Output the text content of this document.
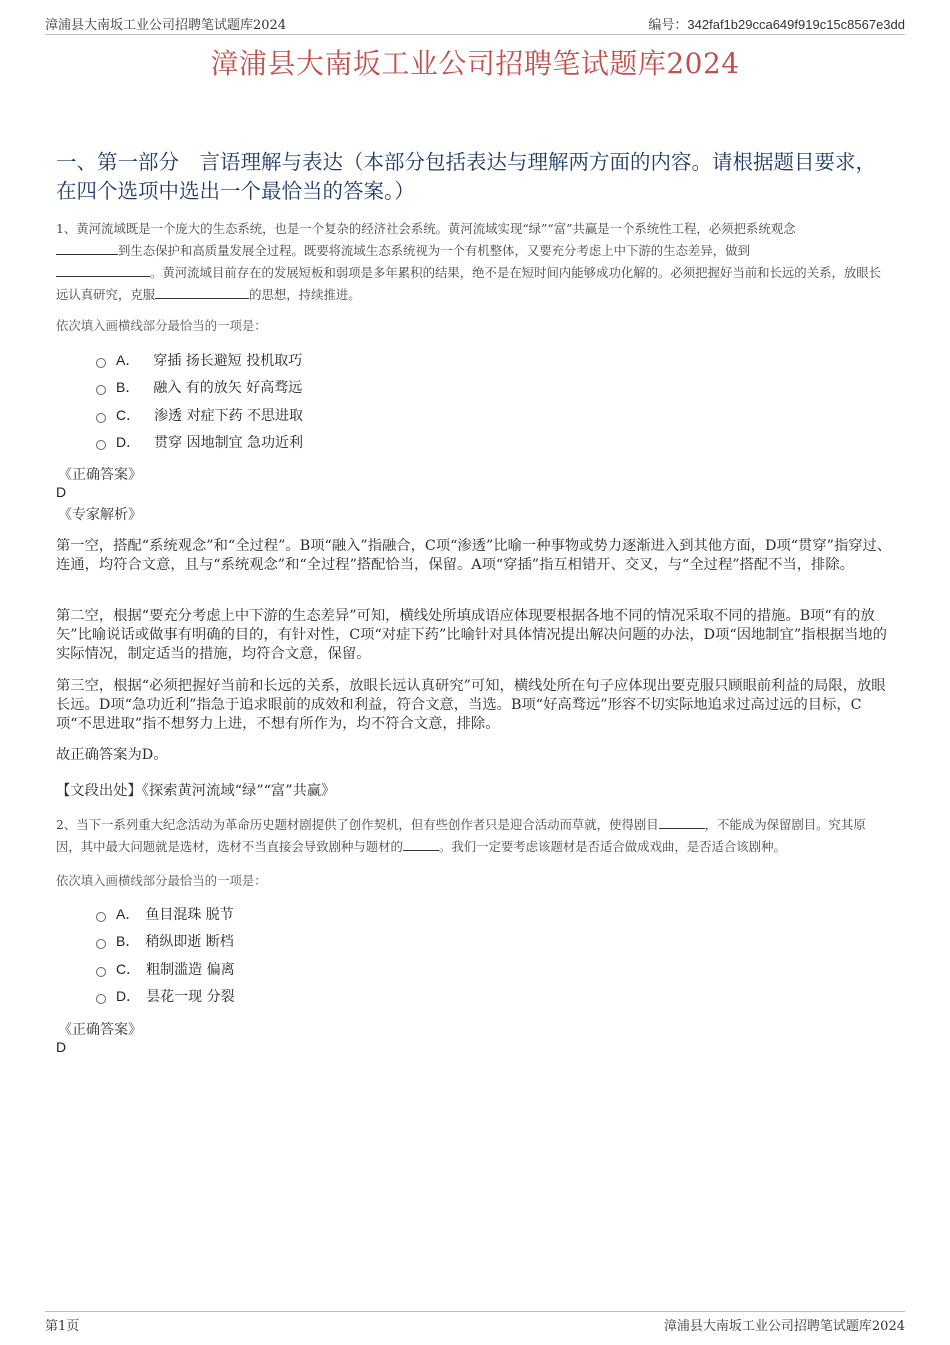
漳浦县大南坂工业公司招聘笔试题库2024	编号：342faf1b29cca649f919c15c8567e3dd
漳浦县大南坂工业公司招聘笔试题库2024
一、第一部分　言语理解与表达（本部分包括表达与理解两方面的内容。请根据题目要求，在四个选项中选出一个最恰当的答案。）
1、黄河流域既是一个庞大的生态系统，也是一个复杂的经济社会系统。黄河流域实现“绿”“富”共赢是一个系统性工程，必须把系统观念
到生态保护和高质量发展全过程。既要将流域生态系统视为一个有机整体，又要充分考虑上中下游的生态差异，做到
。黄河流域目前存在的发展短板和弱项是多年累积的结果，绝不是在短时间内能够成功化解的。必须把握好当前和长远的关系，放眼长远认真研究，克服	的思想，持续推进。
依次填入画横线部分最恰当的一项是：
A． 穿插 扬长避短 投机取巧
B． 融入 有的放矢 好高骛远
C． 渗透 对症下药 不思进取
D． 贯穿 因地制宜 急功近利
《正确答案》
D
《专家解析》
第一空，搭配“系统观念”和“全过程”。B项“融入”指融合，C项“渗透”比喻一种事物或势力逐渐进入到其他方面，D项“贯穿”指穿过、连通，均符合文意，且与“系统观念”和“全过程”搭配恰当，保留。A项“穿插”指互相错开、交叉，与“全过程”搭配不当，排除。
第二空，根据“要充分考虑上中下游的生态差异”可知，横线处所填成语应体现要根据各地不同的情况采取不同的措施。B项“有的放矢”比喻说话或做事有明确的目的，有针对性，C项“对症下药”比喻针对具体情况提出解决问题的办法，D项“因地制宜”指根据当地的实际情况，制定适当的措施，均符合文意，保留。
第三空，根据“必须把握好当前和长远的关系，放眼长远认真研究”可知，横线处所在句子应体现出要克服只顾眼前利益的局限，放眼长远。D项“急功近利”指急于追求眼前的成效和利益，符合文意，当选。B项“好高骛远”形容不切实际地追求过高过远的目标，C项“不思进取”指不想努力上进，不想有所作为，均不符合文意，排除。
故正确答案为D。
【文段出处】《探索黄河流域“绿”“富”共赢》
2、当下一系列重大纪念活动为革命历史题材剧提供了创作契机，但有些创作者只是迎合活动而草就，使得剧目	，不能成为保留剧目。究其原因，其中最大问题就是选材，选材不当直接会导致剧种与题材的	。我们一定要考虑该题材是否适合做成戏曲，是否适合该剧种。
依次填入画横线部分最恰当的一项是：
A． 鱼目混珠 脱节
B． 稍纵即逝 断档
C． 粗制滥造 偏离
D． 昙花一现 分裂
《正确答案》
D
第1页	漳浦县大南坂工业公司招聘笔试题库2024
